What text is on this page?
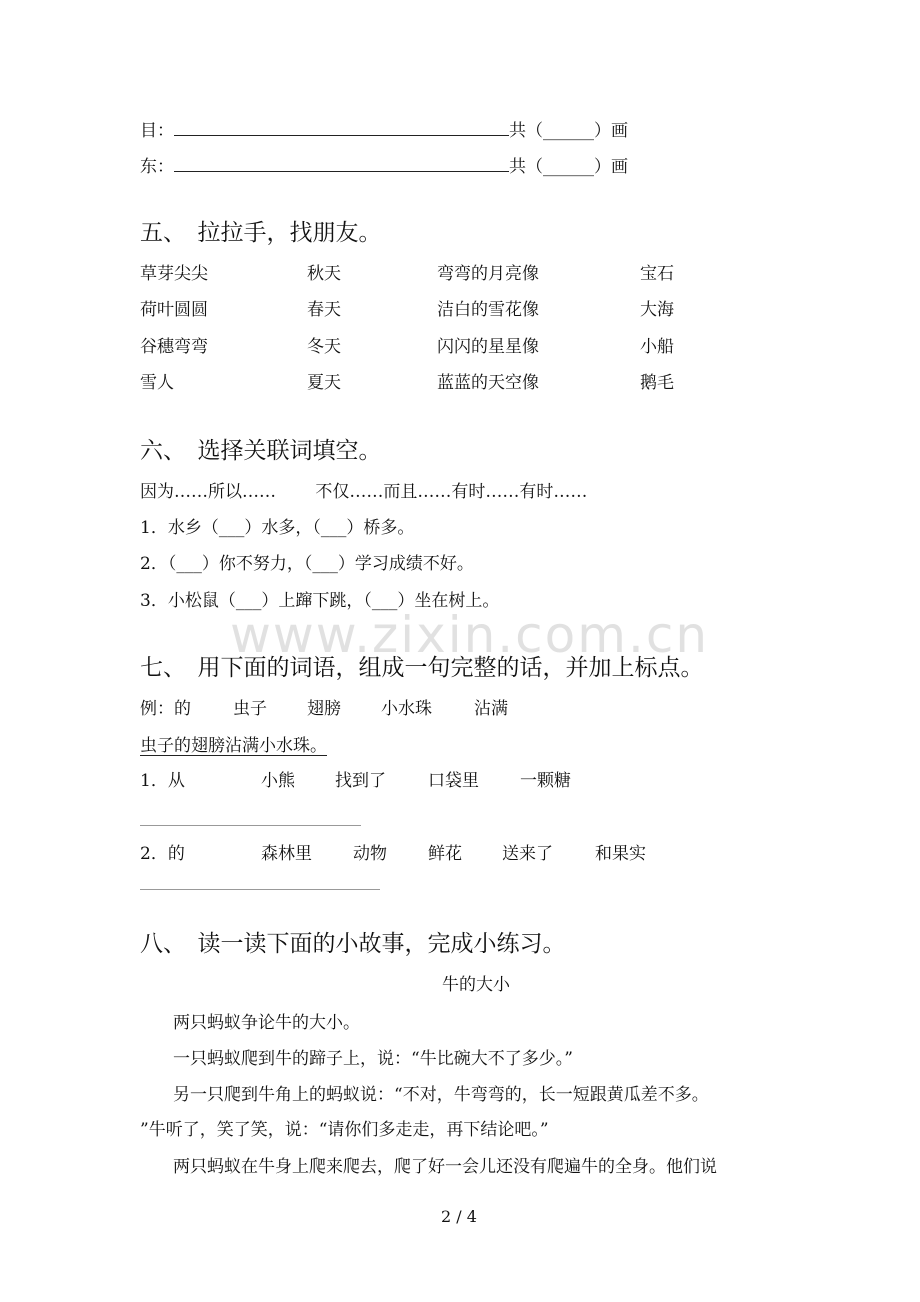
目：	共（______）画
东：	共（______）画
五、　拉拉手，找朋友。
草芽尖尖	秋天	弯弯的月亮像	宝石
荷叶圆圆	春天	洁白的雪花像	大海
谷穗弯弯	冬天	闪闪的星星像	小船
雪人	夏天	蓝蓝的天空像	鹅毛
六、　选择关联词填空。
因为……所以……　　 不仅……而且……有时……有时……
1．水乡（___）水多，（___）桥多。
2．（___）你不努力，（___）学习成绩不好。
3．小松鼠（___）上蹿下跳，（___）坐在树上。
www.zixin.com.cn
七、　用下面的词语，组成一句完整的话，并加上标点。
例：的 虫子 翅膀 小水珠 沾满
虫子的翅膀沾满小水珠。
1．从	小熊 找到了 口袋里 一颗糖
2．的	森林里 动物 鲜花 送来了 和果实
八、　读一读下面的小故事，完成小练习。
牛的大小
两只蚂蚁争论牛的大小。
一只蚂蚁爬到牛的蹄子上，说：“牛比碗大不了多少。”
另一只爬到牛角上的蚂蚁说：“不对，牛弯弯的，长一短跟黄瓜差不多。
”牛听了，笑了笑，说：“请你们多走走，再下结论吧。”
两只蚂蚁在牛身上爬来爬去，爬了好一会儿还没有爬遍牛的全身。他们说
2 / 4
